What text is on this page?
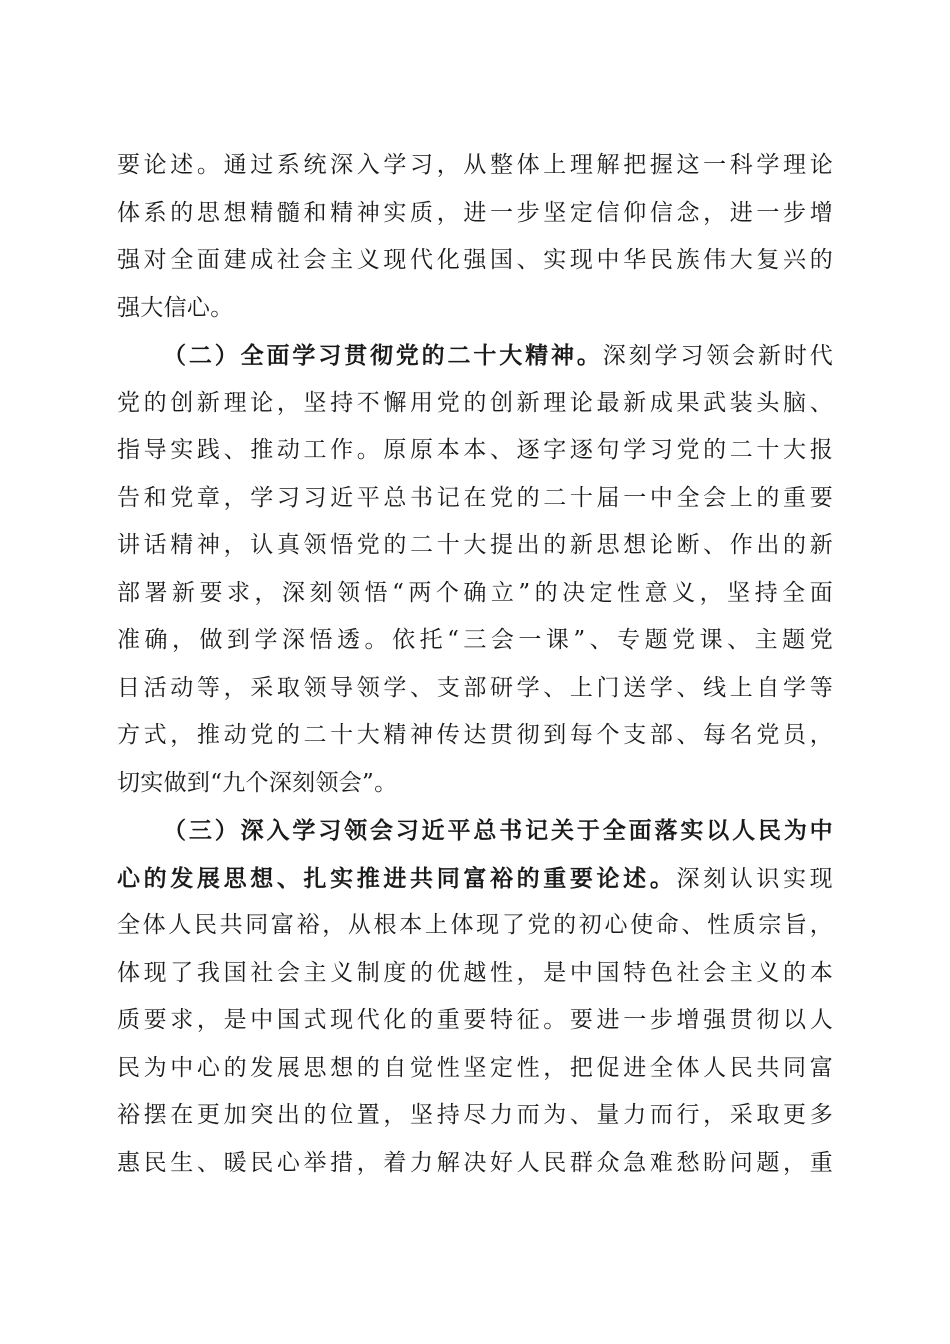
要论述。通过系统深入学习，从整体上理解把握这一科学理论
体系的思想精髓和精神实质，进一步坚定信仰信念，进一步增
强对全面建成社会主义现代化强国、实现中华民族伟大复兴的
强大信心。
（二）全面学习贯彻党的二十大精神。深刻学习领会新时代
党的创新理论，坚持不懈用党的创新理论最新成果武装头脑、
指导实践、推动工作。原原本本、逐字逐句学习党的二十大报
告和党章，学习习近平总书记在党的二十届一中全会上的重要
讲话精神，认真领悟党的二十大提出的新思想论断、作出的新
部署新要求，深刻领悟“两个确立”的决定性意义，坚持全面
准确，做到学深悟透。依托“三会一课”、专题党课、主题党
日活动等，采取领导领学、支部研学、上门送学、线上自学等
方式，推动党的二十大精神传达贯彻到每个支部、每名党员，
切实做到“九个深刻领会”。
（三）深入学习领会习近平总书记关于全面落实以人民为中
心的发展思想、扎实推进共同富裕的重要论述。深刻认识实现
全体人民共同富裕，从根本上体现了党的初心使命、性质宗旨，
体现了我国社会主义制度的优越性，是中国特色社会主义的本
质要求，是中国式现代化的重要特征。要进一步增强贯彻以人
民为中心的发展思想的自觉性坚定性，把促进全体人民共同富
裕摆在更加突出的位置，坚持尽力而为、量力而行，采取更多
惠民生、暖民心举措，着力解决好人民群众急难愁盼问题，重
